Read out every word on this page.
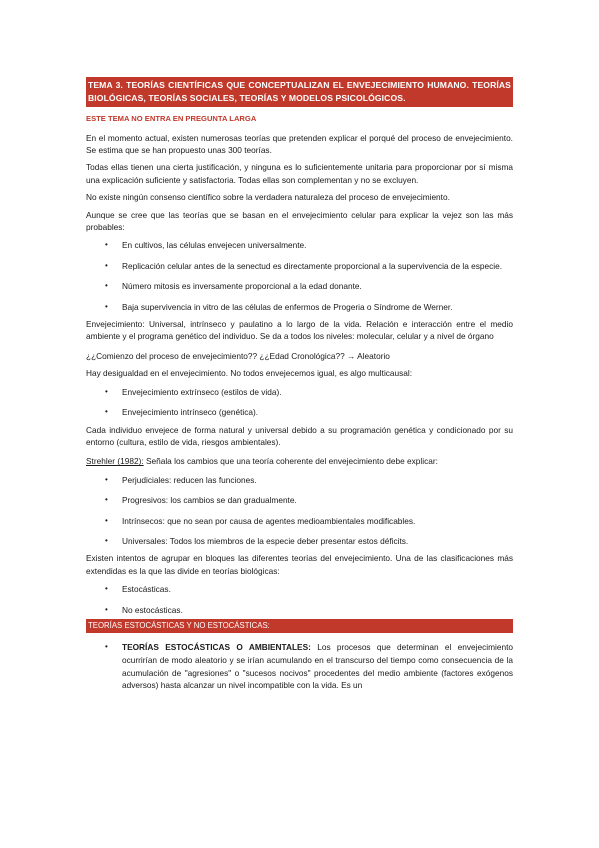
TEMA 3. TEORÍAS CIENTÍFICAS QUE CONCEPTUALIZAN EL ENVEJECIMIENTO HUMANO. TEORÍAS BIOLÓGICAS, TEORÍAS SOCIALES, TEORÍAS Y MODELOS PSICOLÓGICOS.
ESTE TEMA NO ENTRA EN PREGUNTA LARGA

En el momento actual, existen numerosas teorías que pretenden explicar el porqué del proceso de envejecimiento. Se estima que se han propuesto unas 300 teorías.

Todas ellas tienen una cierta justificación, y ninguna es lo suficientemente unitaria para proporcionar por sí misma una explicación suficiente y satisfactoria. Todas ellas son complementan y no se excluyen.

No existe ningún consenso científico sobre la verdadera naturaleza del proceso de envejecimiento.

Aunque se cree que las teorías que se basan en el envejecimiento celular para explicar la vejez son las más probables:

• En cultivos, las células envejecen universalmente.
• Replicación celular antes de la senectud es directamente proporcional a la supervivencia de la especie.
• Número mitosis es inversamente proporcional a la edad donante.
• Baja supervivencia in vitro de las células de enfermos de Progeria o Síndrome de Werner.

Envejecimiento: Universal, intrínseco y paulatino a lo largo de la vida. Relación e interacción entre el medio ambiente y el programa genético del individuo. Se da a todos los niveles: molecular, celular y a nivel de órgano

¿¿Comienzo del proceso de envejecimiento?? ¿¿Edad Cronológica?? → Aleatorio

Hay desigualdad en el envejecimiento. No todos envejecemos igual, es algo multicausal:

• Envejecimiento extrínseco (estilos de vida).
• Envejecimiento intrínseco (genética).

Cada individuo envejece de forma natural y universal debido a su programación genética y condicionado por su entorno (cultura, estilo de vida, riesgos ambientales).

Strehler (1982): Señala los cambios que una teoría coherente del envejecimiento debe explicar:

• Perjudiciales: reducen las funciones.
• Progresivos: los cambios se dan gradualmente.
• Intrínsecos: que no sean por causa de agentes medioambientales modificables.
• Universales: Todos los miembros de la especie deber presentar estos déficits.

Existen intentos de agrupar en bloques las diferentes teorías del envejecimiento. Una de las clasificaciones más extendidas es la que las divide en teorías biológicas:

• Estocásticas.
• No estocásticas.
TEORÍAS ESTOCÁSTICAS Y NO ESTOCÁSTICAS:
• TEORÍAS ESTOCÁSTICAS O AMBIENTALES: Los procesos que determinan el envejecimiento ocurrirían de modo aleatorio y se irían acumulando en el transcurso del tiempo como consecuencia de la acumulación de "agresiones" o "sucesos nocivos" procedentes del medio ambiente (factores exógenos adversos) hasta alcanzar un nivel incompatible con la vida. Es un
